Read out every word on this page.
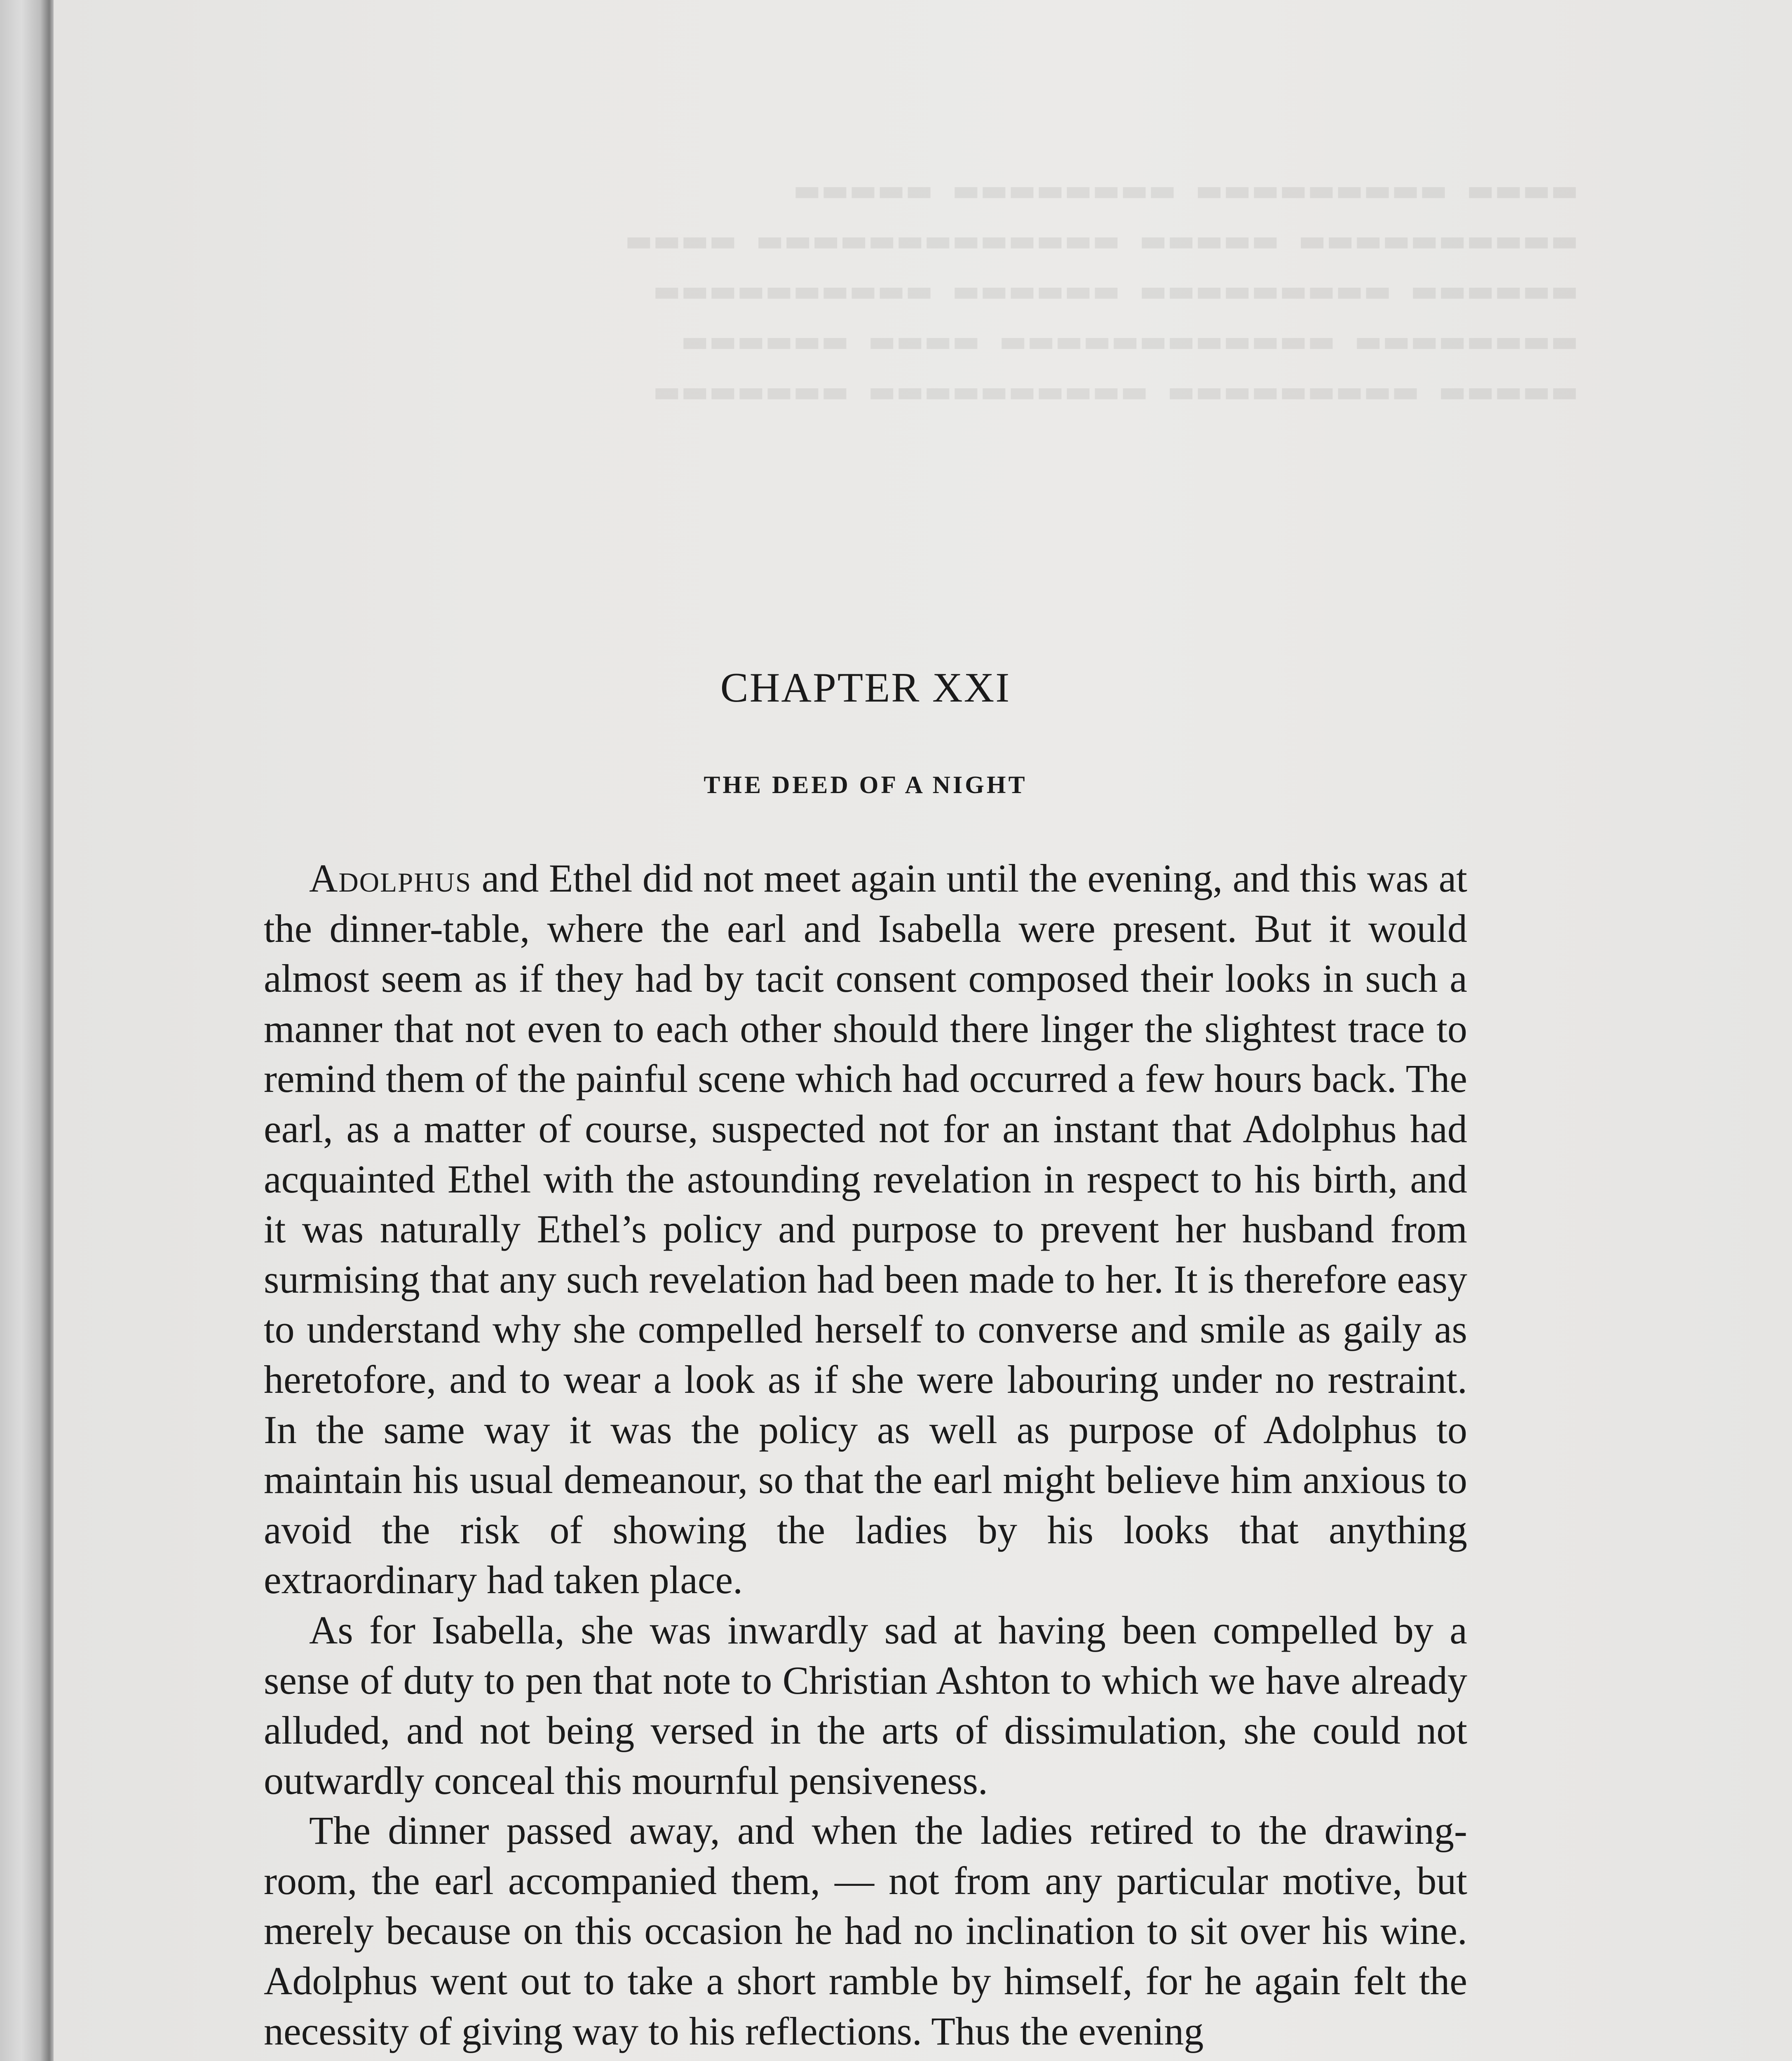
▬▬▬▬  ▬▬▬▬▬▬▬▬▬  ▬▬▬▬▬▬▬▬  ▬▬▬▬▬
▬▬▬▬▬▬▬▬▬▬  ▬▬▬▬▬  ▬▬▬▬▬▬▬▬▬▬▬▬▬  ▬▬▬▬
▬▬▬▬▬▬  ▬▬▬▬▬▬▬▬▬  ▬▬▬▬▬▬  ▬▬▬▬▬▬▬▬▬▬
▬▬▬▬▬▬▬▬  ▬▬▬▬▬▬▬▬▬▬▬▬  ▬▬▬▬  ▬▬▬▬▬▬
▬▬▬▬▬  ▬▬▬▬▬▬▬▬▬  ▬▬▬▬▬▬▬▬▬▬  ▬▬▬▬▬▬▬
CHAPTER XXI
THE DEED OF A NIGHT

Adolphus and Ethel did not meet again until the evening, and this was at the dinner-table, where the earl and Isabella were present. But it would almost seem as if they had by tacit consent composed their looks in such a manner that not even to each other should there linger the slightest trace to remind them of the painful scene which had occurred a few hours back. The earl, as a matter of course, suspected not for an instant that Adolphus had acquainted Ethel with the astounding revelation in respect to his birth, and it was naturally Ethel’s policy and purpose to prevent her husband from surmising that any such revelation had been made to her. It is therefore easy to understand why she compelled herself to converse and smile as gaily as heretofore, and to wear a look as if she were labouring under no restraint. In the same way it was the policy as well as purpose of Adolphus to maintain his usual demeanour, so that the earl might believe him anxious to avoid the risk of showing the ladies by his looks that anything extraordinary had taken place.

As for Isabella, she was inwardly sad at having been compelled by a sense of duty to pen that note to Christian Ashton to which we have already alluded, and not being versed in the arts of dissimulation, she could not outwardly conceal this mournful pensiveness.

The dinner passed away, and when the ladies retired to the drawing-room, the earl accompanied them, — not from any particular motive, but merely because on this occasion he had no inclination to sit over his wine. Adolphus went out to take a short ramble by himself, for he again felt the necessity of giving way to his reflections. Thus the evening
